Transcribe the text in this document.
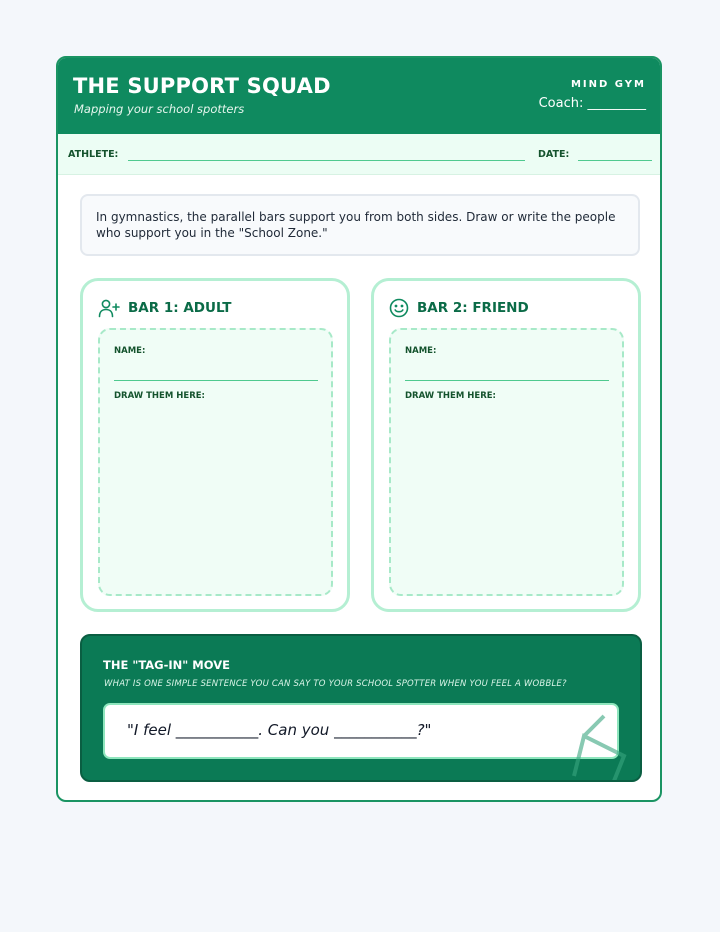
THE SUPPORT SQUAD
Mapping your school spotters
MIND GYM
Coach: _________
ATHLETE:	DATE:
In gymnastics, the parallel bars support you from both sides. Draw or write the people who support you in the "School Zone."
BAR 1: ADULT
NAME:
DRAW THEM HERE:
BAR 2: FRIEND
NAME:
DRAW THEM HERE:
THE "TAG-IN" MOVE
WHAT IS ONE SIMPLE SENTENCE YOU CAN SAY TO YOUR SCHOOL SPOTTER WHEN YOU FEEL A WOBBLE?
"I feel ___________. Can you ___________?"
